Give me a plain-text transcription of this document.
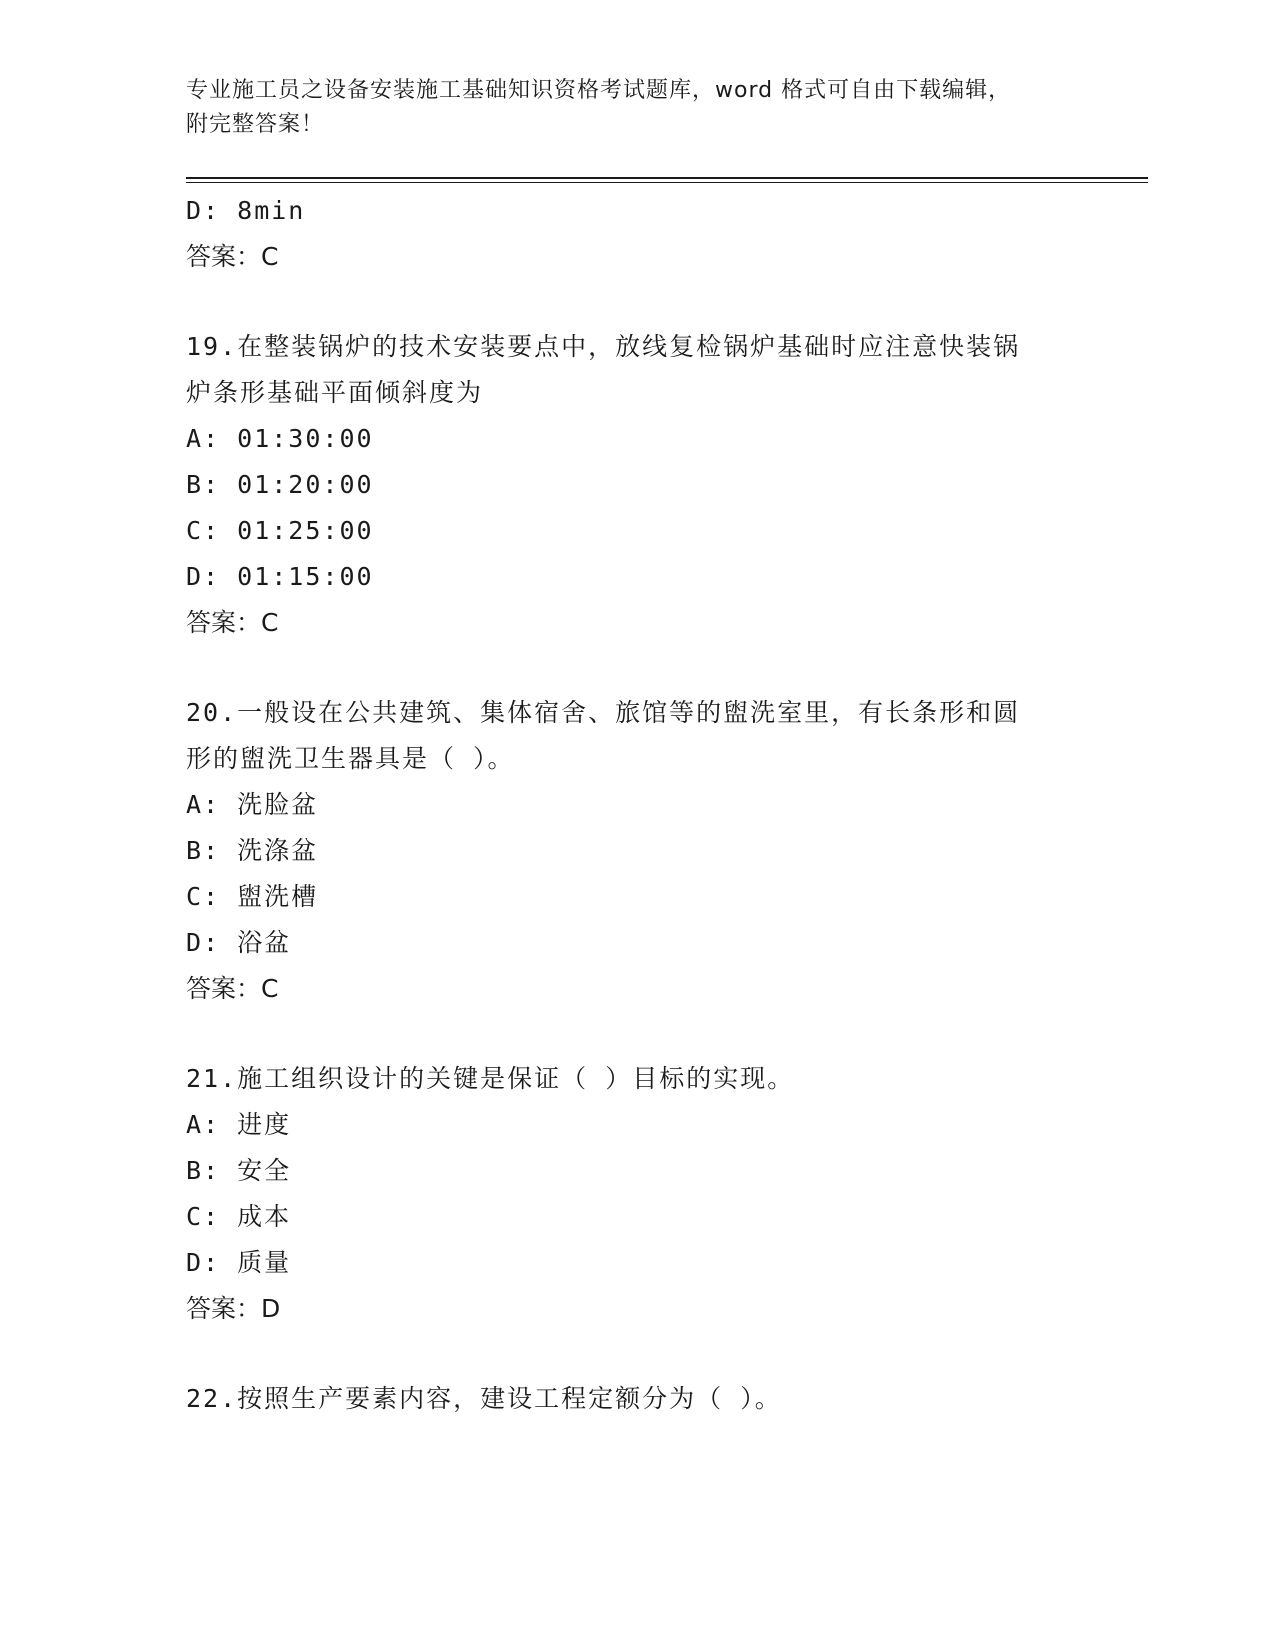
专业施工员之设备安装施工基础知识资格考试题库，word 格式可自由下载编辑，
附完整答案！
D: 8min
答案：C
19.在整装锅炉的技术安装要点中，放线复检锅炉基础时应注意快装锅
炉条形基础平面倾斜度为
A: 01:30:00
B: 01:20:00
C: 01:25:00
D: 01:15:00
答案：C
20.一般设在公共建筑、集体宿舍、旅馆等的盥洗室里，有长条形和圆
形的盥洗卫生器具是（ ）。
A: 洗脸盆
B: 洗涤盆
C: 盥洗槽
D: 浴盆
答案：C
21.施工组织设计的关键是保证（ ）目标的实现。
A: 进度
B: 安全
C: 成本
D: 质量
答案：D
22.按照生产要素内容，建设工程定额分为（ ）。
